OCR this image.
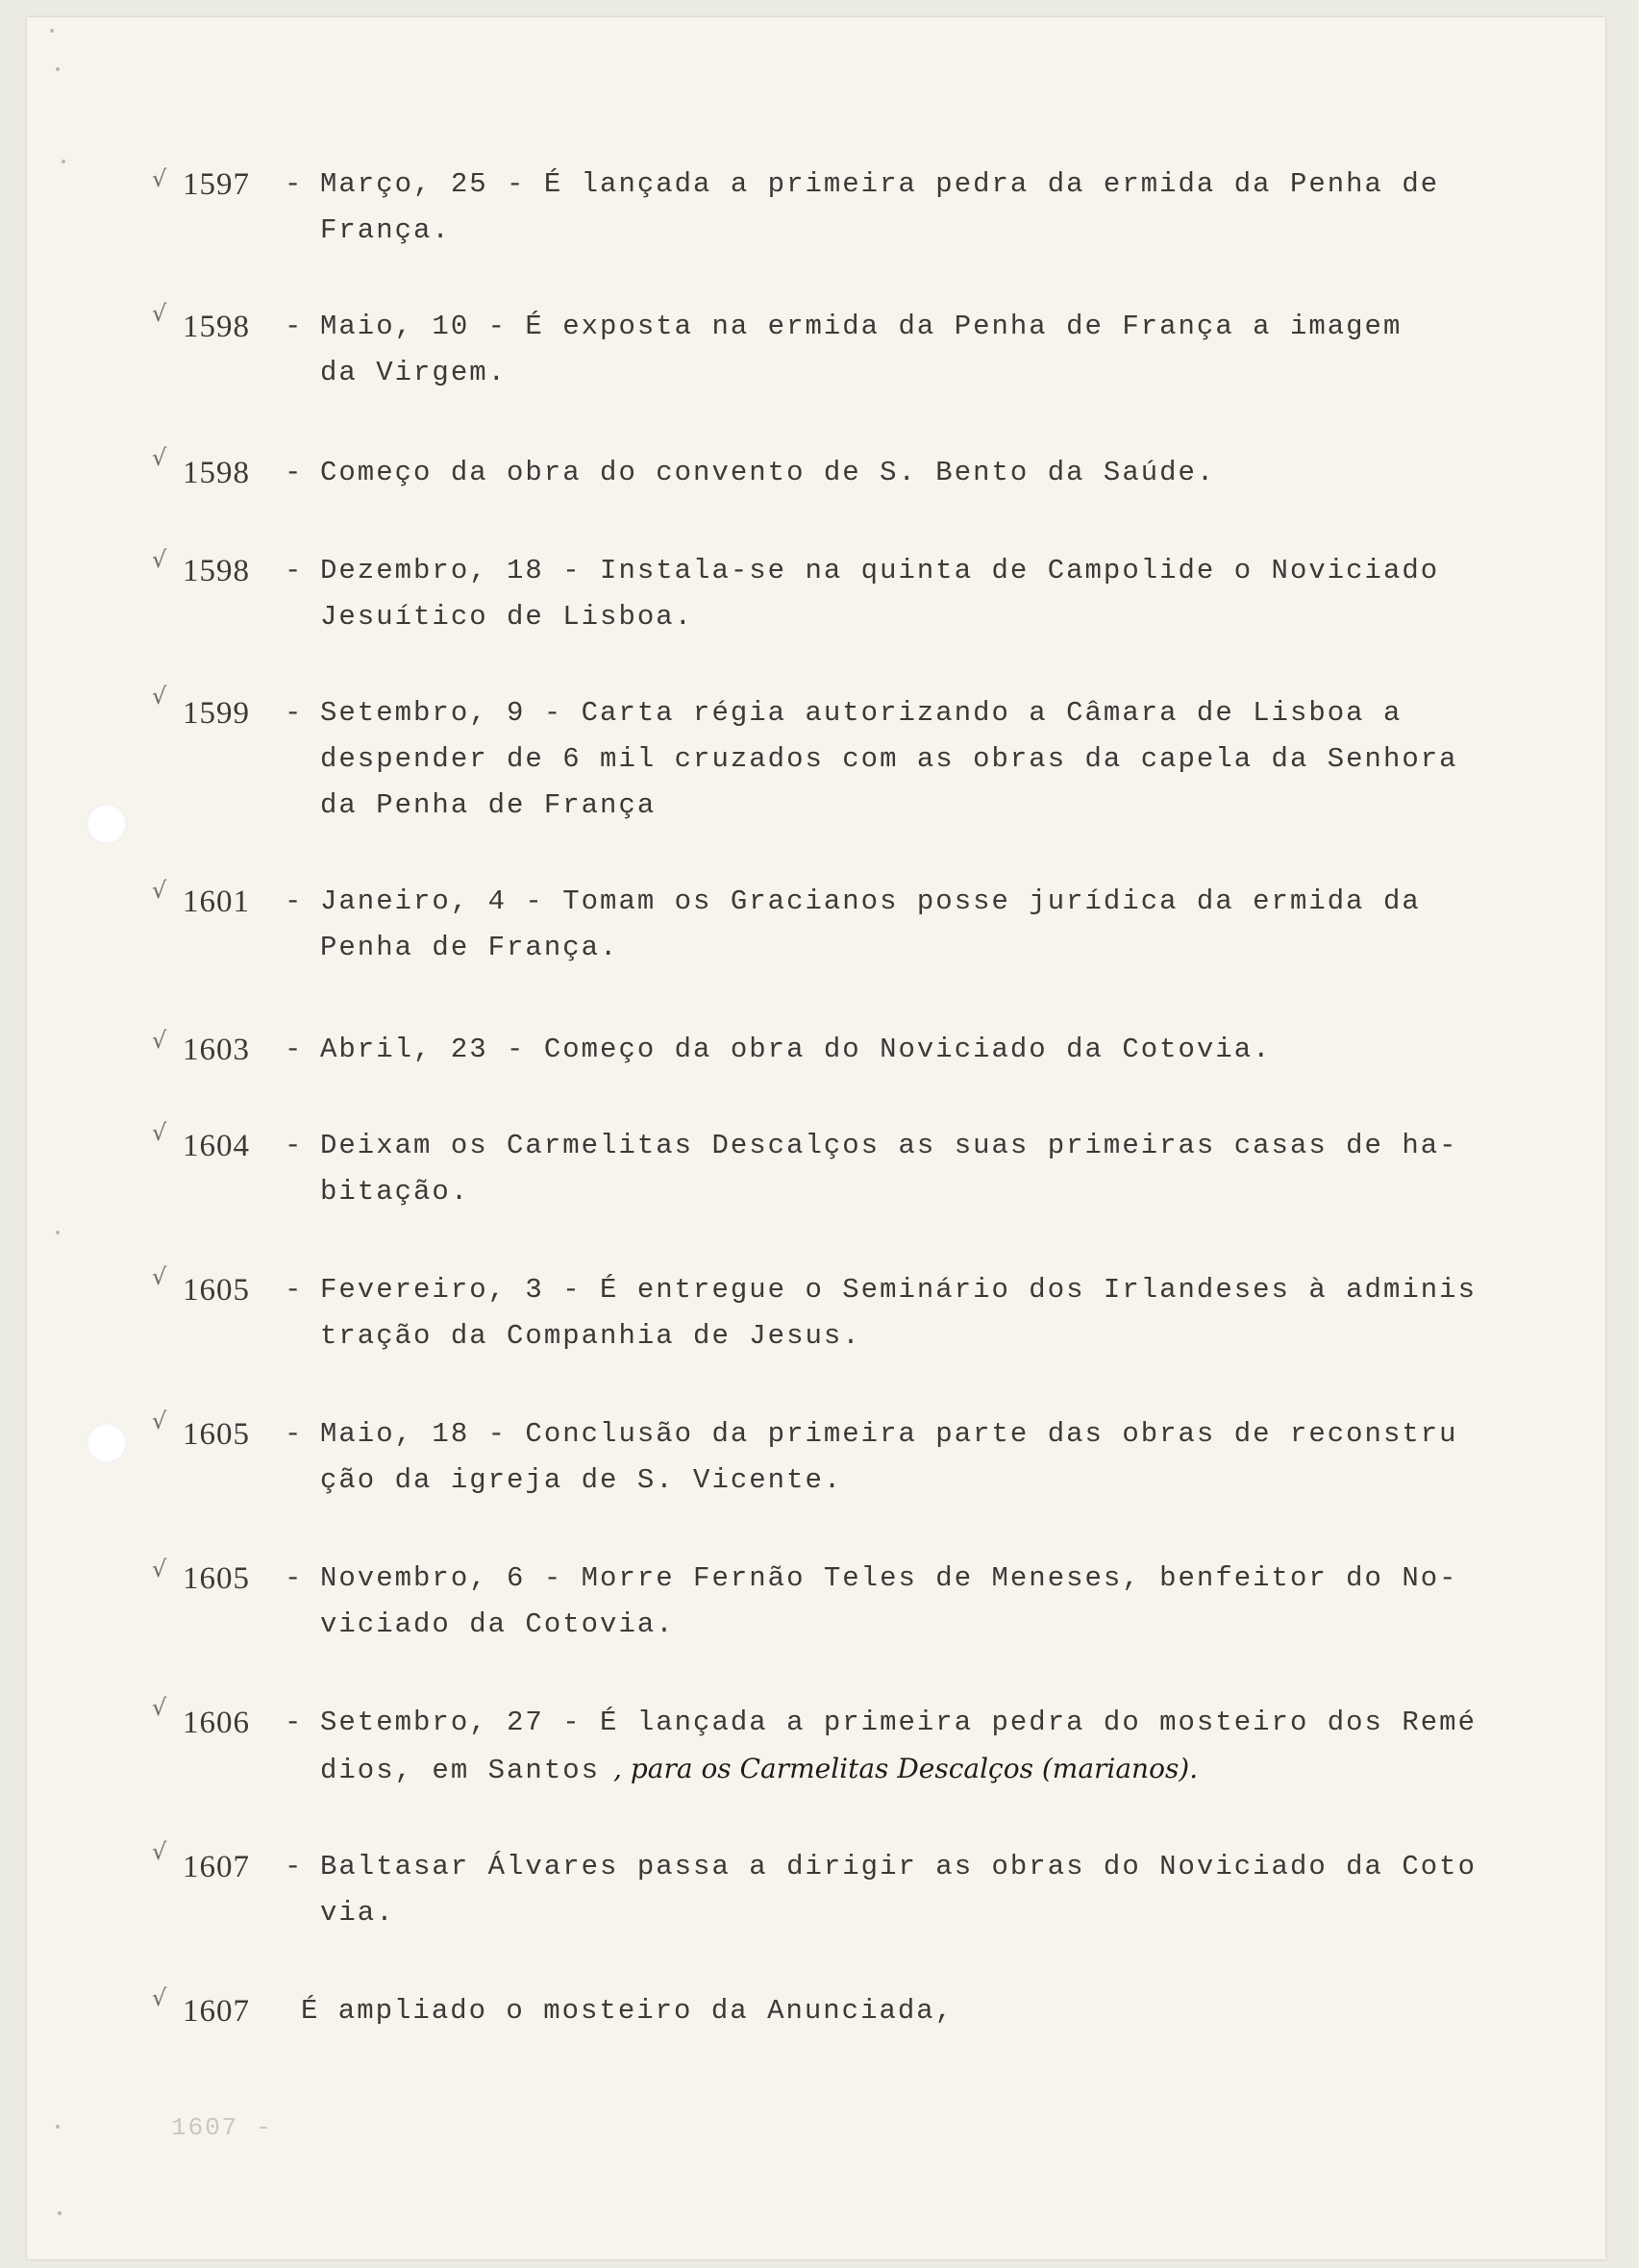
√ 1597 - Março, 25 - É lançada a primeira pedra da ermida da Penha de
França.
√ 1598 - Maio, 10 - É exposta na ermida da Penha de França a imagem
da Virgem.
√ 1598 - Começo da obra do convento de S. Bento da Saúde.
√ 1598 - Dezembro, 18 - Instala-se na quinta de Campolide o Noviciado
Jesuítico de Lisboa.
√ 1599 - Setembro, 9 - Carta régia autorizando a Câmara de Lisboa a
despender de 6 mil cruzados com as obras da capela da Senhora
da Penha de França
√ 1601 - Janeiro, 4 - Tomam os Gracianos posse jurídica da ermida da
Penha de França.
√ 1603 - Abril, 23 - Começo da obra do Noviciado da Cotovia.
√ 1604 - Deixam os Carmelitas Descalços as suas primeiras casas de ha-
bitação.
√ 1605 - Fevereiro, 3 - É entregue o Seminário dos Irlandeses à adminis
tração da Companhia de Jesus.
√ 1605 - Maio, 18 - Conclusão da primeira parte das obras de reconstru
ção da igreja de S. Vicente.
√ 1605 - Novembro, 6 - Morre Fernão Teles de Meneses, benfeitor do No-
viciado da Cotovia.
√ 1606 - Setembro, 27 - É lançada a primeira pedra do mosteiro dos Remé
dios, em Santos , para os Carmelitas Descalços (marianos).
√ 1607 - Baltasar Álvares passa a dirigir as obras do Noviciado da Coto
via.
√ 1607 É ampliado o mosteiro da Anunciada,
1607 -
